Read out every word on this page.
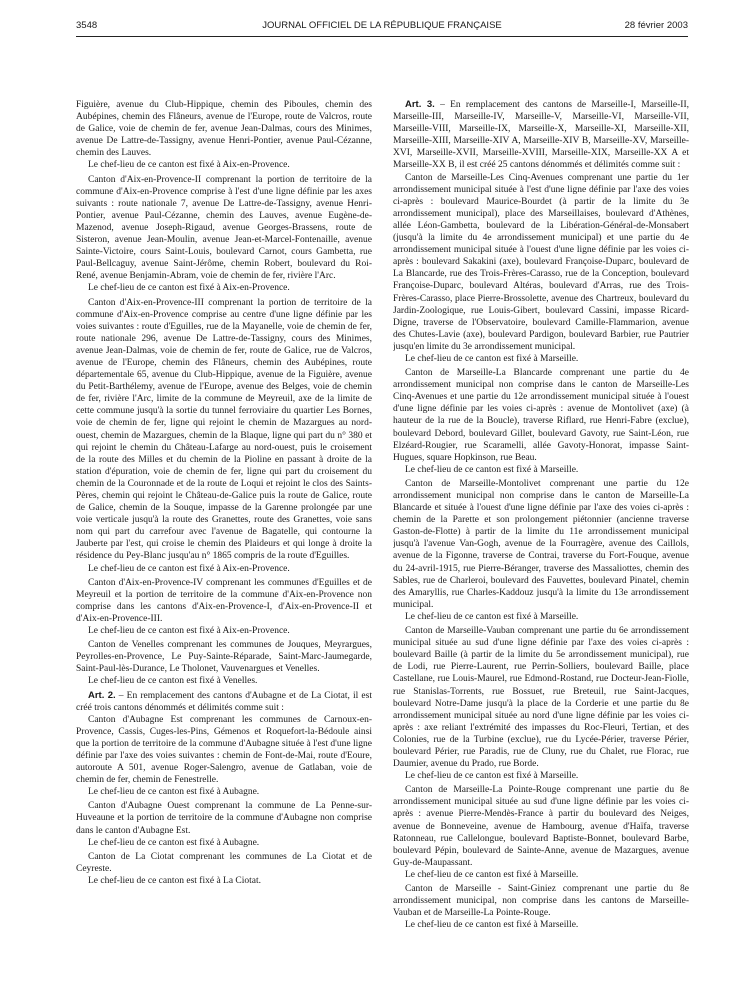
3548	JOURNAL OFFICIEL DE LA RÉPUBLIQUE FRANÇAISE	28 février 2003

Figuière, avenue du Club-Hippique, chemin des Piboules, chemin des Aubépines, chemin des Flâneurs, avenue de l'Europe, route de Valcros, route de Galice, voie de chemin de fer, avenue Jean-Dalmas, cours des Minimes, avenue De Lattre-de-Tassigny, avenue Henri-Pontier, avenue Paul-Cézanne, chemin des Lauves.

Le chef-lieu de ce canton est fixé à Aix-en-Provence.

Canton d'Aix-en-Provence-II comprenant la portion de territoire de la commune d'Aix-en-Provence comprise à l'est d'une ligne définie par les axes suivants : route nationale 7, avenue De Lattre-de-Tassigny, avenue Henri-Pontier, avenue Paul-Cézanne, chemin des Lauves, avenue Eugène-de-Mazenod, avenue Joseph-Rigaud, avenue Georges-Brassens, route de Sisteron, avenue Jean-Moulin, avenue Jean-et-Marcel-Fontenaille, avenue Sainte-Victoire, cours Saint-Louis, boulevard Carnot, cours Gambetta, rue Paul-Bellcaguy, avenue Saint-Jérôme, chemin Robert, boulevard du Roi-René, avenue Benjamin-Abram, voie de chemin de fer, rivière l'Arc.

Le chef-lieu de ce canton est fixé à Aix-en-Provence.

Canton d'Aix-en-Provence-III comprenant la portion de territoire de la commune d'Aix-en-Provence comprise au centre d'une ligne définie par les voies suivantes : route d'Eguilles, rue de la Mayanelle, voie de chemin de fer, route nationale 296, avenue De Lattre-de-Tassigny, cours des Minimes, avenue Jean-Dalmas, voie de chemin de fer, route de Galice, rue de Valcros, avenue de l'Europe, chemin des Flâneurs, chemin des Aubépines, route départementale 65, avenue du Club-Hippique, avenue de la Figuière, avenue du Petit-Barthélemy, avenue de l'Europe, avenue des Belges, voie de chemin de fer, rivière l'Arc, limite de la commune de Meyreuil, axe de la limite de cette commune jusqu'à la sortie du tunnel ferroviaire du quartier Les Bornes, voie de chemin de fer, ligne qui rejoint le chemin de Mazargues au nord-ouest, chemin de Mazargues, chemin de la Blaque, ligne qui part du n° 380 et qui rejoint le chemin du Château-Lafarge au nord-ouest, puis le croisement de la route des Milles et du chemin de la Pioline en passant à droite de la station d'épuration, voie de chemin de fer, ligne qui part du croisement du chemin de la Couronnade et de la route de Loqui et rejoint le clos des Saints-Pères, chemin qui rejoint le Château-de-Galice puis la route de Galice, route de Galice, chemin de la Souque, impasse de la Garenne prolongée par une voie verticale jusqu'à la route des Granettes, route des Granettes, voie sans nom qui part du carrefour avec l'avenue de Bagatelle, qui contourne la Jauberte par l'est, qui croise le chemin des Plaideurs et qui longe à droite la résidence du Pey-Blanc jusqu'au n° 1865 compris de la route d'Eguilles.

Le chef-lieu de ce canton est fixé à Aix-en-Provence.

Canton d'Aix-en-Provence-IV comprenant les communes d'Eguilles et de Meyreuil et la portion de territoire de la commune d'Aix-en-Provence non comprise dans les cantons d'Aix-en-Provence-I, d'Aix-en-Provence-II et d'Aix-en-Provence-III.

Le chef-lieu de ce canton est fixé à Aix-en-Provence.

Canton de Venelles comprenant les communes de Jouques, Meyrargues, Peyrolles-en-Provence, Le Puy-Sainte-Réparade, Saint-Marc-Jaumegarde, Saint-Paul-lès-Durance, Le Tholonet, Vauvenargues et Venelles.

Le chef-lieu de ce canton est fixé à Venelles.

Art. 2. – En remplacement des cantons d'Aubagne et de La Ciotat, il est créé trois cantons dénommés et délimités comme suit :

Canton d'Aubagne Est comprenant les communes de Carnoux-en-Provence, Cassis, Cuges-les-Pins, Gémenos et Roquefort-la-Bédoule ainsi que la portion de territoire de la commune d'Aubagne située à l'est d'une ligne définie par l'axe des voies suivantes : chemin de Font-de-Mai, route d'Eoure, autoroute A 501, avenue Roger-Salengro, avenue de Gatlaban, voie de chemin de fer, chemin de Fenestrelle.

Le chef-lieu de ce canton est fixé à Aubagne.

Canton d'Aubagne Ouest comprenant la commune de La Penne-sur-Huveaune et la portion de territoire de la commune d'Aubagne non comprise dans le canton d'Aubagne Est.

Le chef-lieu de ce canton est fixé à Aubagne.

Canton de La Ciotat comprenant les communes de La Ciotat et de Ceyreste.

Le chef-lieu de ce canton est fixé à La Ciotat.

Art. 3. – En remplacement des cantons de Marseille-I, Marseille-II, Marseille-III, Marseille-IV, Marseille-V, Marseille-VI, Marseille-VII, Marseille-VIII, Marseille-IX, Marseille-X, Marseille-XI, Marseille-XII, Marseille-XIII, Marseille-XIV A, Marseille-XIV B, Marseille-XV, Marseille-XVI, Marseille-XVII, Marseille-XVIII, Marseille-XIX, Marseille-XX A et Marseille-XX B, il est créé 25 cantons dénommés et délimités comme suit :

Canton de Marseille-Les Cinq-Avenues comprenant une partie du 1er arrondissement municipal située à l'est d'une ligne définie par l'axe des voies ci-après : boulevard Maurice-Bourdet (à partir de la limite du 3e arrondissement municipal), place des Marseillaises, boulevard d'Athènes, allée Léon-Gambetta, boulevard de la Libération-Général-de-Monsabert (jusqu'à la limite du 4e arrondissement municipal) et une partie du 4e arrondissement municipal située à l'ouest d'une ligne définie par les voies ci-après : boulevard Sakakini (axe), boulevard Françoise-Duparc, boulevard de La Blancarde, rue des Trois-Frères-Carasso, rue de la Conception, boulevard Françoise-Duparc, boulevard Altéras, boulevard d'Arras, rue des Trois-Frères-Carasso, place Pierre-Brossolette, avenue des Chartreux, boulevard du Jardin-Zoologique, rue Louis-Gibert, boulevard Cassini, impasse Ricard-Digne, traverse de l'Observatoire, boulevard Camille-Flammarion, avenue des Chutes-Lavie (axe), boulevard Pardigon, boulevard Barbier, rue Pautrier jusqu'en limite du 3e arrondissement municipal.

Le chef-lieu de ce canton est fixé à Marseille.

Canton de Marseille-La Blancarde comprenant une partie du 4e arrondissement municipal non comprise dans le canton de Marseille-Les Cinq-Avenues et une partie du 12e arrondissement municipal située à l'ouest d'une ligne définie par les voies ci-après : avenue de Montolivet (axe) (à hauteur de la rue de la Boucle), traverse Riflard, rue Henri-Fabre (exclue), boulevard Debord, boulevard Gillet, boulevard Gavoty, rue Saint-Léon, rue Elzéard-Rougier, rue Scaramelli, allée Gavoty-Honorat, impasse Saint-Hugues, square Hopkinson, rue Beau.

Le chef-lieu de ce canton est fixé à Marseille.

Canton de Marseille-Montolivet comprenant une partie du 12e arrondissement municipal non comprise dans le canton de Marseille-La Blancarde et située à l'ouest d'une ligne définie par l'axe des voies ci-après : chemin de la Parette et son prolongement piétonnier (ancienne traverse Gaston-de-Flotte) à partir de la limite du 11e arrondissement municipal jusqu'à l'avenue Van-Gogh, avenue de la Fourragère, avenue des Caillols, avenue de la Figonne, traverse de Contrai, traverse du Fort-Fouque, avenue du 24-avril-1915, rue Pierre-Béranger, traverse des Massaliottes, chemin des Sables, rue de Charleroi, boulevard des Fauvettes, boulevard Pinatel, chemin des Amaryllis, rue Charles-Kaddouz jusqu'à la limite du 13e arrondissement municipal.

Le chef-lieu de ce canton est fixé à Marseille.

Canton de Marseille-Vauban comprenant une partie du 6e arrondissement municipal située au sud d'une ligne définie par l'axe des voies ci-après : boulevard Baille (à partir de la limite du 5e arrondissement municipal), rue de Lodi, rue Pierre-Laurent, rue Perrin-Solliers, boulevard Baille, place Castellane, rue Louis-Maurel, rue Edmond-Rostand, rue Docteur-Jean-Fiolle, rue Stanislas-Torrents, rue Bossuet, rue Breteuil, rue Saint-Jacques, boulevard Notre-Dame jusqu'à la place de la Corderie et une partie du 8e arrondissement municipal située au nord d'une ligne définie par les voies ci-après : axe reliant l'extrémité des impasses du Roc-Fleuri, Tertian, et des Colonies, rue de la Turbine (exclue), rue du Lycée-Périer, traverse Périer, boulevard Périer, rue Paradis, rue de Cluny, rue du Chalet, rue Florac, rue Daumier, avenue du Prado, rue Borde.

Le chef-lieu de ce canton est fixé à Marseille.

Canton de Marseille-La Pointe-Rouge comprenant une partie du 8e arrondissement municipal située au sud d'une ligne définie par les voies ci-après : avenue Pierre-Mendès-France à partir du boulevard des Neiges, avenue de Bonneveine, avenue de Hambourg, avenue d'Haïfa, traverse Ratonneau, rue Callelongue, boulevard Baptiste-Bonnet, boulevard Barbe, boulevard Pépin, boulevard de Sainte-Anne, avenue de Mazargues, avenue Guy-de-Maupassant.

Le chef-lieu de ce canton est fixé à Marseille.

Canton de Marseille - Saint-Giniez comprenant une partie du 8e arrondissement municipal, non comprise dans les cantons de Marseille-Vauban et de Marseille-La Pointe-Rouge.

Le chef-lieu de ce canton est fixé à Marseille.
